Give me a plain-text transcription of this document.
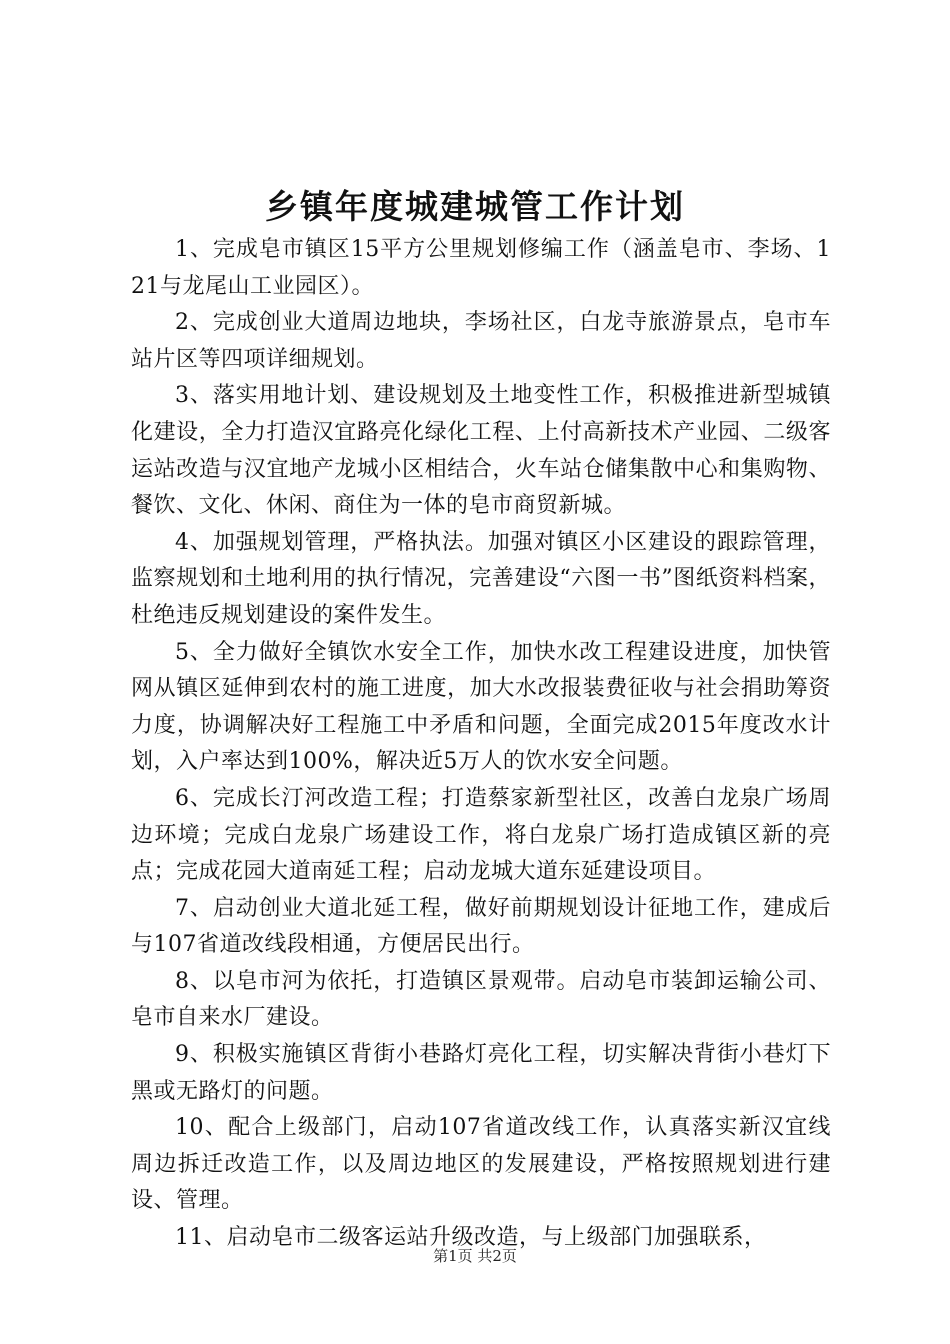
乡镇年度城建城管工作计划

1、完成皂市镇区15平方公里规划修编工作（涵盖皂市、李场、121与龙尾山工业园区）。

2、完成创业大道周边地块，李场社区，白龙寺旅游景点，皂市车站片区等四项详细规划。

3、落实用地计划、建设规划及土地变性工作，积极推进新型城镇化建设，全力打造汉宜路亮化绿化工程、上付高新技术产业园、二级客运站改造与汉宜地产龙城小区相结合，火车站仓储集散中心和集购物、餐饮、文化、休闲、商住为一体的皂市商贸新城。

4、加强规划管理，严格执法。加强对镇区小区建设的跟踪管理，监察规划和土地利用的执行情况，完善建设“六图一书”图纸资料档案，杜绝违反规划建设的案件发生。

5、全力做好全镇饮水安全工作，加快水改工程建设进度，加快管网从镇区延伸到农村的施工进度，加大水改报装费征收与社会捐助筹资力度，协调解决好工程施工中矛盾和问题，全面完成2015年度改水计划，入户率达到100%，解决近5万人的饮水安全问题。

6、完成长汀河改造工程；打造蔡家新型社区，改善白龙泉广场周边环境；完成白龙泉广场建设工作，将白龙泉广场打造成镇区新的亮点；完成花园大道南延工程；启动龙城大道东延建设项目。

7、启动创业大道北延工程，做好前期规划设计征地工作，建成后与107省道改线段相通，方便居民出行。

8、以皂市河为依托，打造镇区景观带。启动皂市装卸运输公司、皂市自来水厂建设。

9、积极实施镇区背街小巷路灯亮化工程，切实解决背街小巷灯下黑或无路灯的问题。

10、配合上级部门，启动107省道改线工作，认真落实新汉宜线周边拆迁改造工作，以及周边地区的发展建设，严格按照规划进行建设、管理。

11、启动皂市二级客运站升级改造，与上级部门加强联系，

第1页 共2页
